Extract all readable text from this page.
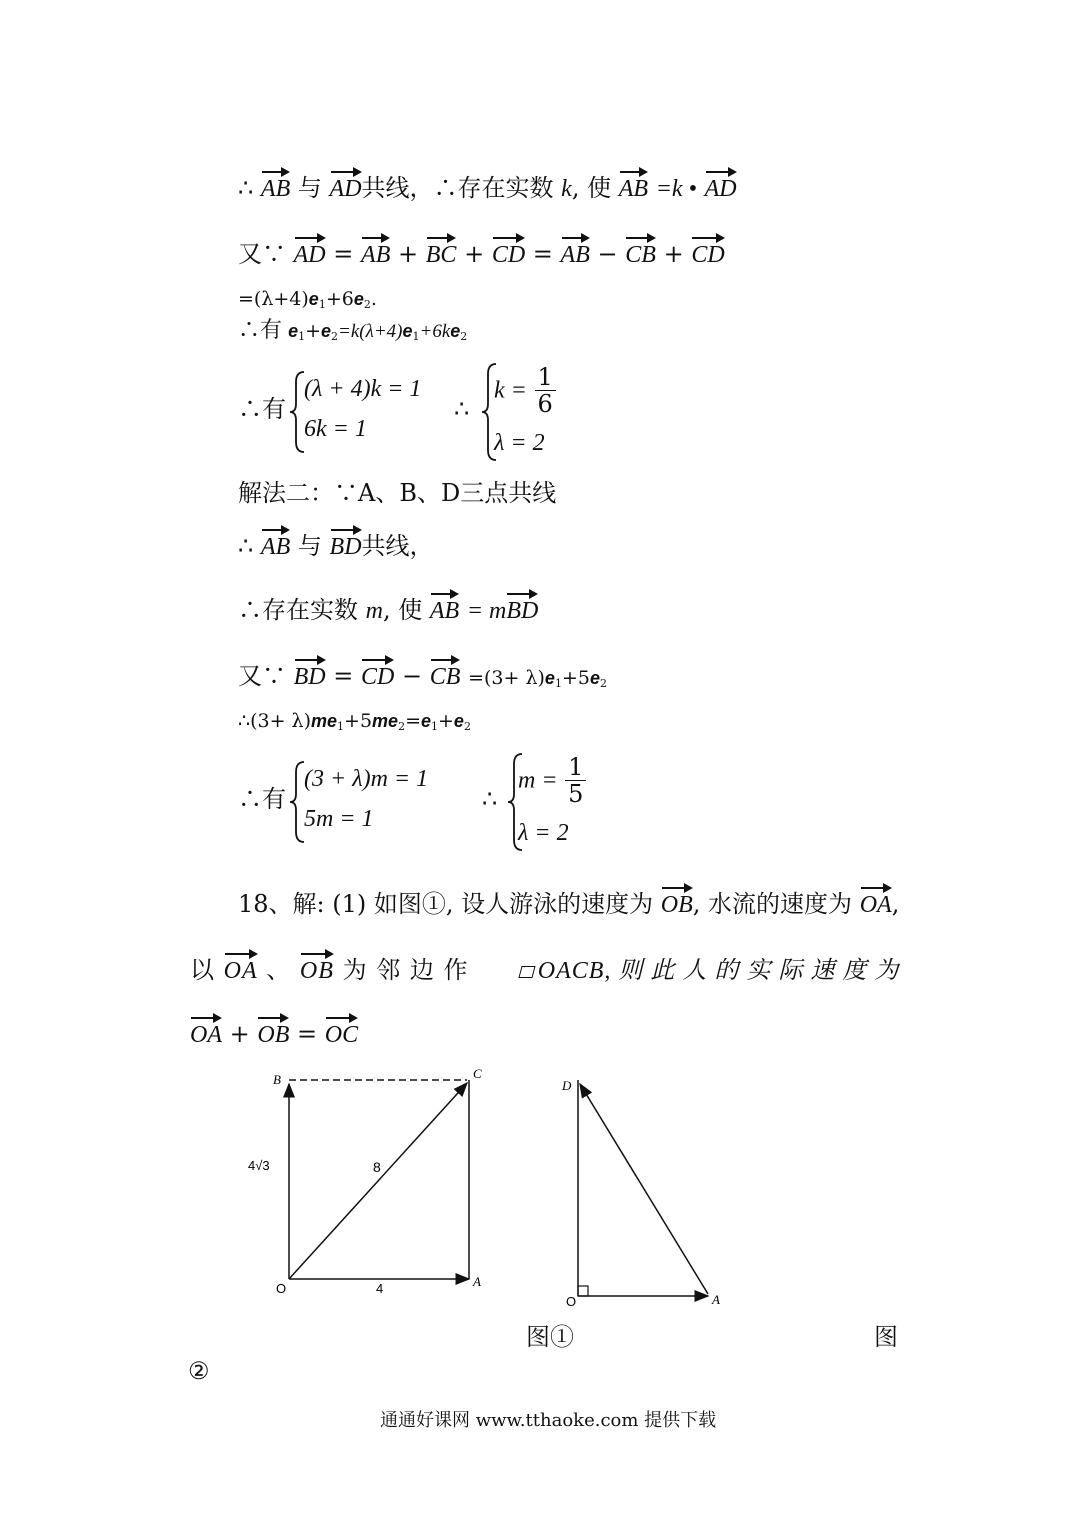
∴ AB 与 AD共线，∴存在实数 k, 使 AB =k • AD
又∵ AD = AB + BC + CD = AB − CB + CD
$=(\lambda+4)e_1+6e_2$.
∴有 $e_1+e_2=k(\lambda+4)e_1+6ke_2$
∴有
(λ + 4)k = 1
6k = 1
∴
$k = \frac{1}{6}$
λ = 2
解法二：∵A、B、D三点共线
∴ AB 与 BD共线，
∴存在实数 m, 使 AB = mBD
又∵ BD = CD − CB $=(3+ \lambda)e_1+5e_2$
∴(3+ $\lambda)me_1+5me_2=e_1+e_2$
∴有
(3 + λ)m = 1
5m = 1
∴
$m = \frac{1}{5}$
λ = 2
18、解: (1) 如图①, 设人游泳的速度为 OB, 水流的速度为 OA,
以 OA 、 OB 为 邻 边 作	OACB, 则 此 人 的 实 际 速 度 为
OA + OB = OC
B	C
O	A
4√3
4
8
D
O	A
图①	图
②
通通好课网 www.tthaoke.com 提供下载
